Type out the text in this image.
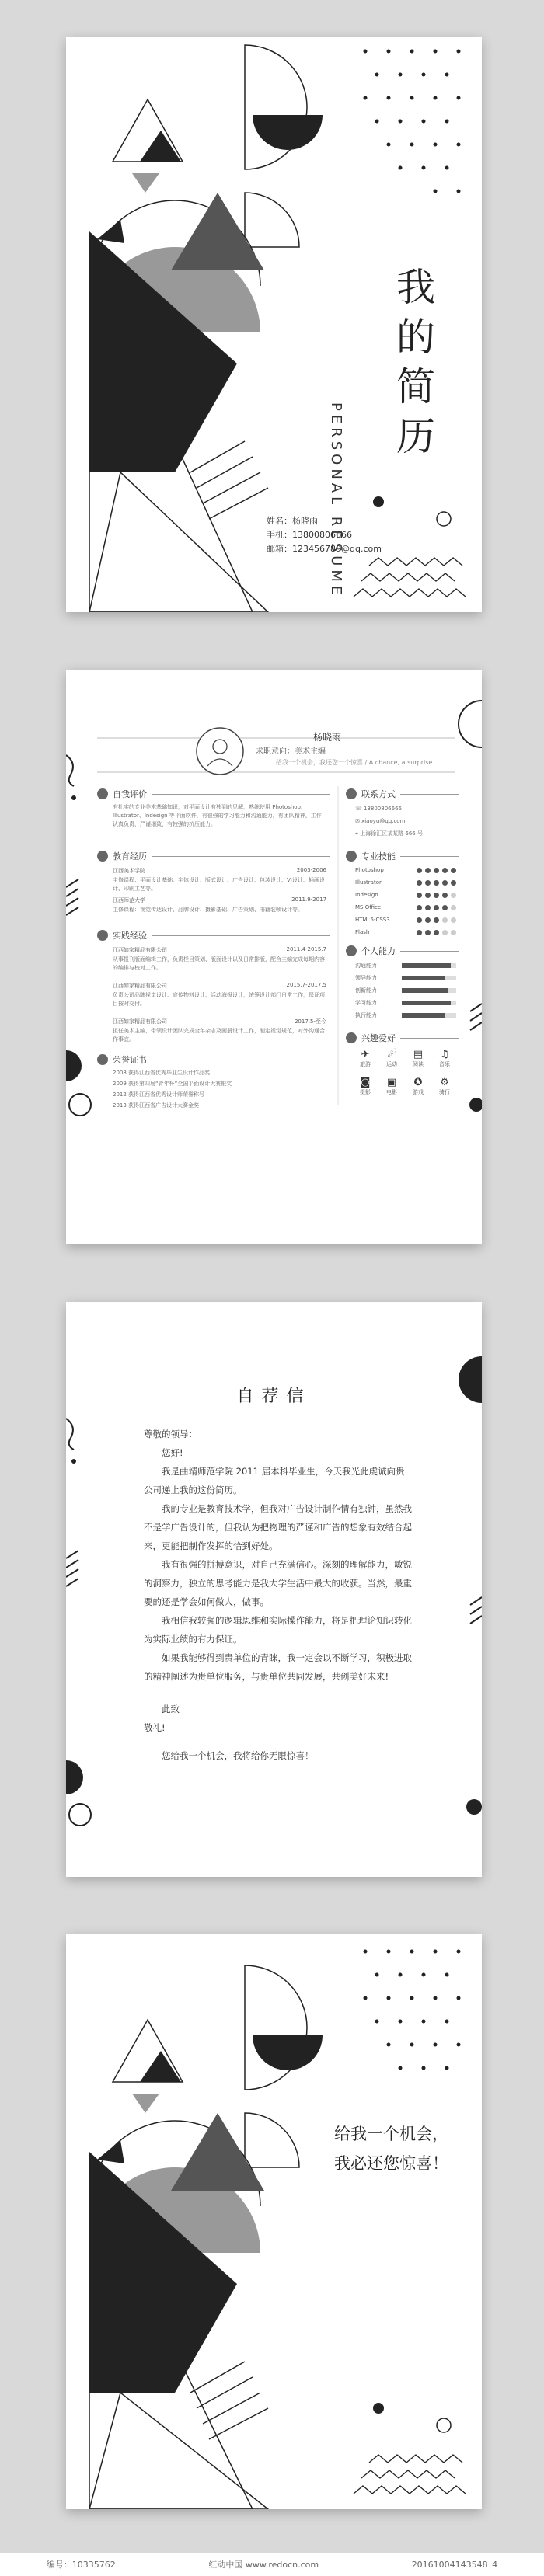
我的简历
PERSONAL RESUME
姓名：杨晓雨
手机：13800806666
邮箱：123456789@qq.com
杨晓雨
求职意向：美术主编
给我一个机会，我还您一个惊喜 / A chance, a surprise
自我评价
有扎实的专业美术基础知识，对平面设计有独到的见解，熟练使用 Photoshop、Illustrator、Indesign 等平面软件，有很强的学习能力和沟通能力，有团队精神，工作认真负责，严谨细致，有较强的抗压能力。
教育经历
江西美术学院	2003-2006
主修课程：平面设计基础、字体设计、版式设计、广告设计、包装设计、VI设计、插画设计、印刷工艺等。
江西师范大学	2011.9-2017
主修课程：视觉传达设计、品牌设计、摄影基础、广告策划、书籍装帧设计等。
实践经验
江西如家精品有限公司	2011.4-2015.7
从事报刊版面编辑工作，负责栏目策划、版面设计以及日常排版，配合主编完成每期内容的编排与校对工作。
江西如家精品有限公司	2015.7-2017.5
负责公司品牌视觉设计、宣传物料设计、活动海报设计，统筹设计部门日常工作，保证项目按时交付。
江西如家精品有限公司	2017.5-至今
担任美术主编，带领设计团队完成全年杂志及画册设计工作，制定视觉规范，对外沟通合作事宜。
荣誉证书
2008 获得江西省优秀毕业生设计作品奖
2009 获得第四届“青年杯”全国平面设计大赛银奖
2012 获得江西省优秀设计师荣誉称号
2013 获得江西省广告设计大赛金奖
联系方式
☏ 13800806666
✉ xiaoyu@qq.com
⌖ 上海徐汇区某某路 666 号
专业技能
Photoshop
Illustrator
Indesign
MS Office
HTML5-CSS3
Flash
个人能力
沟通能力
领导能力
创新能力
学习能力
执行能力
兴趣爱好
✈
旅游
☄
运动
▤
阅读
♫
音乐
◙
摄影
▣
电影
✪
游戏
⚙
骑行
自荐信

尊敬的领导：

您好!

我是曲靖师范学院 2011 届本科毕业生，今天我光此虔诚向贵公司递上我的这份简历。

我的专业是教育技术学，但我对广告设计制作情有独钟，虽然我不是学广告设计的，但我认为把物理的严谨和广告的想象有效结合起来，更能把制作发挥的恰到好处。

我有很强的拼搏意识，对自己充满信心。深刻的理解能力，敏锐的洞察力，独立的思考能力是我大学生活中最大的收获。当然，最重要的还是学会如何做人，做事。

我相信我较强的逻辑思维和实际操作能力，将是把理论知识转化为实际业绩的有力保证。

如果我能够得到贵单位的青睐，我一定会以不断学习，积极进取的精神阐述为贵单位服务，与贵单位共同发展，共创美好未来!

此致

敬礼!

您给我一个机会，我将给你无限惊喜！

给我一个机会，
我必还您惊喜！
编号：10335762	红动中国 www.redocn.com	20161004143548 4
